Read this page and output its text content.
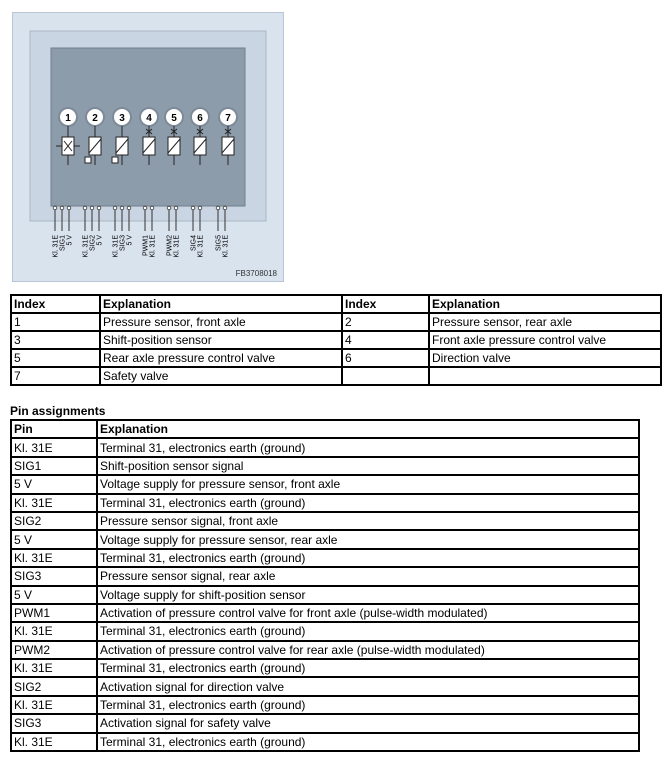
1 2 3 4 5 6 7
Kl. 31E SIG1 5 V Kl. 31E SIG2 5 V Kl. 31E SIG3 5 V PWM1 Kl. 31E PWM2 Kl. 31E SIG4 Kl. 31E SIG5 Kl. 31E
FB3708018
Index	Explanation	Index	Explanation
1	Pressure sensor, front axle	2	Pressure sensor, rear axle
3	Shift-position sensor	4	Front axle pressure control valve
5	Rear axle pressure control valve	6	Direction valve
7	Safety valve		
Pin assignments
Pin	Explanation
Kl. 31E	Terminal 31, electronics earth (ground)
SIG1	Shift-position sensor signal
5 V	Voltage supply for pressure sensor, front axle
Kl. 31E	Terminal 31, electronics earth (ground)
SIG2	Pressure sensor signal, front axle
5 V	Voltage supply for pressure sensor, rear axle
Kl. 31E	Terminal 31, electronics earth (ground)
SIG3	Pressure sensor signal, rear axle
5 V	Voltage supply for shift-position sensor
PWM1	Activation of pressure control valve for front axle (pulse-width modulated)
Kl. 31E	Terminal 31, electronics earth (ground)
PWM2	Activation of pressure control valve for rear axle (pulse-width modulated)
Kl. 31E	Terminal 31, electronics earth (ground)
SIG2	Activation signal for direction valve
Kl. 31E	Terminal 31, electronics earth (ground)
SIG3	Activation signal for safety valve
Kl. 31E	Terminal 31, electronics earth (ground)
